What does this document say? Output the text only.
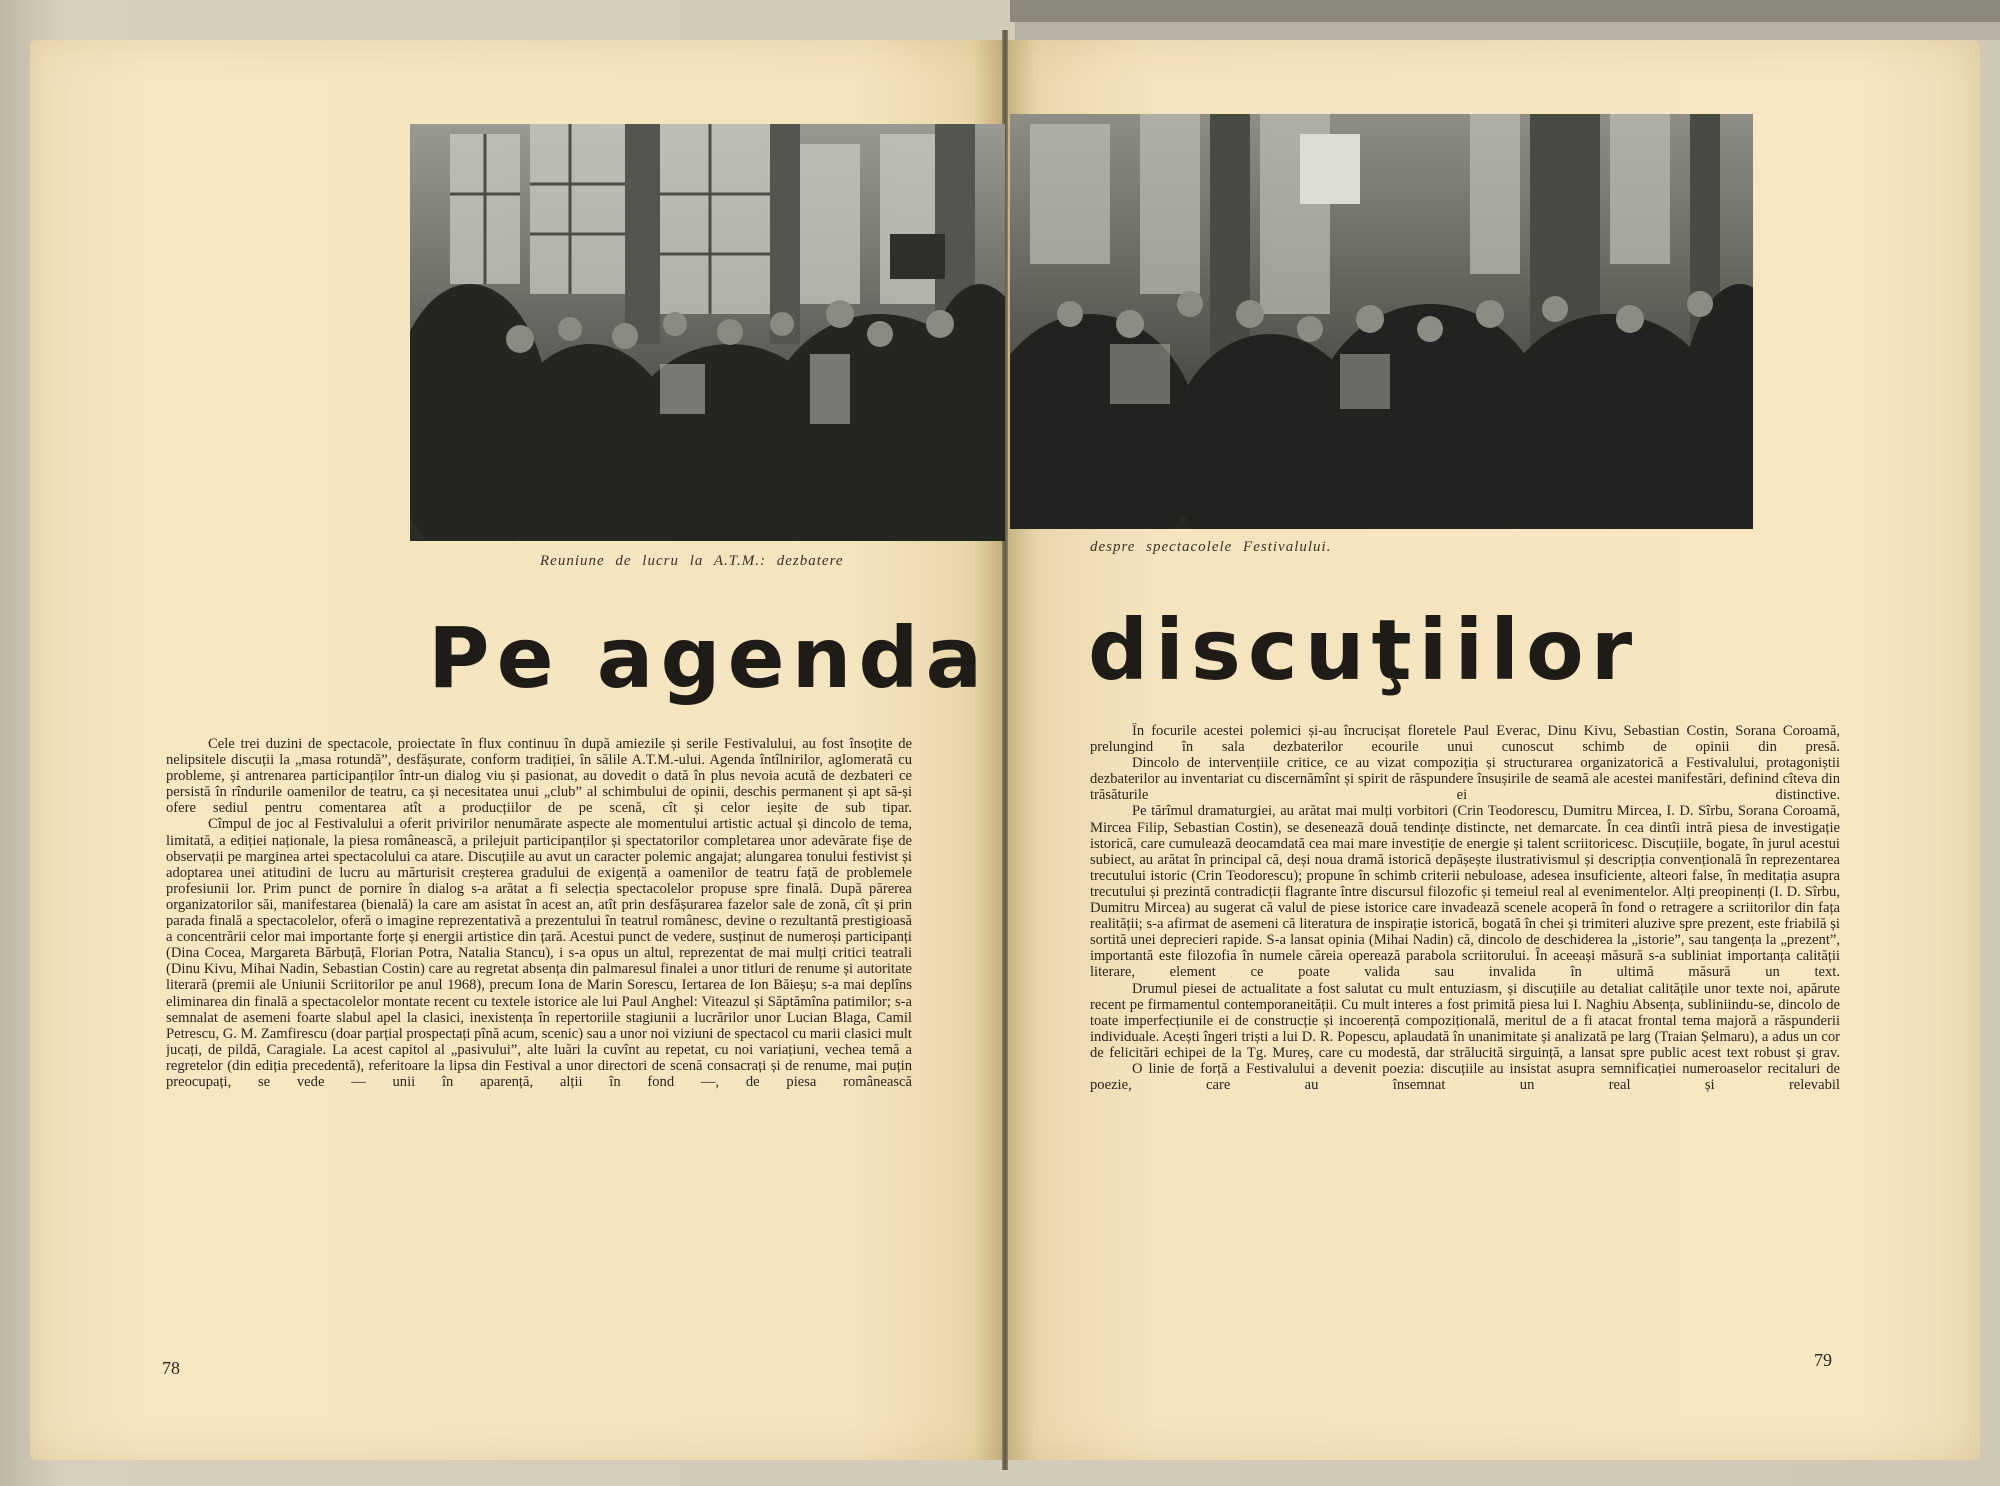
Reuniune de lucru la A.T.M.: dezbatere
despre spectacolele Festivalului.
Pe agenda discuţiilor

Cele trei duzini de spectacole, proiectate în flux continuu în după amiezile și serile Festivalului, au fost însoțite de nelipsitele discuții la „masa rotundă”, desfășurate, conform tradiției, în sălile A.T.M.-ului. Agenda întîlnirilor, aglomerată cu probleme, și antrenarea participanților într-un dialog viu și pasionat, au dovedit o dată în plus nevoia acută de dezbateri ce persistă în rîndurile oamenilor de teatru, ca și necesitatea unui „club” al schimbului de opinii, deschis permanent și apt să-și ofere sediul pentru comentarea atît a producțiilor de pe scenă, cît și celor ieșite de sub tipar.

Cîmpul de joc al Festivalului a oferit privirilor nenumărate aspecte ale momentului artistic actual și dincolo de tema, limitată, a ediției naționale, la piesa românească, a prilejuit participanților și spectatorilor completarea unor adevărate fișe de observații pe marginea artei spectacolului ca atare. Discuțiile au avut un caracter polemic angajat; alungarea tonului festivist și adoptarea unei atitudini de lucru au mărturisit creșterea gradului de exigență a oamenilor de teatru față de problemele profesiunii lor. Prim punct de pornire în dialog s-a arătat a fi selecția spectacolelor propuse spre finală. După părerea organizatorilor săi, manifestarea (bienală) la care am asistat în acest an, atît prin desfășurarea fazelor sale de zonă, cît și prin parada finală a spectacolelor, oferă o imagine reprezentativă a prezentului în teatrul românesc, devine o rezultantă prestigioasă a concentrării celor mai importante forțe și energii artistice din țară. Acestui punct de vedere, susținut de numeroși participanți (Dina Cocea, Margareta Bărbuță, Florian Potra, Natalia Stancu), i s-a opus un altul, reprezentat de mai mulți critici teatrali (Dinu Kivu, Mihai Nadin, Sebastian Costin) care au regretat absența din palmaresul finalei a unor titluri de renume și autoritate literară (premii ale Uniunii Scriitorilor pe anul 1968), precum Iona de Marin Sorescu, Iertarea de Ion Băieșu; s-a mai deplîns eliminarea din finală a spectacolelor montate recent cu textele istorice ale lui Paul Anghel: Viteazul și Săptămîna patimilor; s-a semnalat de asemeni foarte slabul apel la clasici, inexistența în repertoriile stagiunii a lucrărilor unor Lucian Blaga, Camil Petrescu, G. M. Zamfirescu (doar parțial prospectați pînă acum, scenic) sau a unor noi viziuni de spectacol cu marii clasici mult jucați, de pildă, Caragiale. La acest capitol al „pasivului”, alte luări la cuvînt au repetat, cu noi variațiuni, vechea temă a regretelor (din ediția precedentă), referitoare la lipsa din Festival a unor directori de scenă consacrați și de renume, mai puțin preocupați, se vede — unii în aparență, alții în fond —, de piesa românească

În focurile acestei polemici și-au încrucișat floretele Paul Everac, Dinu Kivu, Sebastian Costin, Sorana Coroamă, prelungind în sala dezbaterilor ecourile unui cunoscut schimb de opinii din presă.

Dincolo de intervențiile critice, ce au vizat compoziția și structurarea organizatorică a Festivalului, protagoniștii dezbaterilor au inventariat cu discernămînt și spirit de răspundere însușirile de seamă ale acestei manifestări, definind cîteva din trăsăturile ei distinctive.

Pe tărîmul dramaturgiei, au arătat mai mulți vorbitori (Crin Teodorescu, Dumitru Mircea, I. D. Sîrbu, Sorana Coroamă, Mircea Filip, Sebastian Costin), se desenează două tendințe distincte, net demarcate. În cea dintîi intră piesa de investigație istorică, care cumulează deocamdată cea mai mare investiție de energie și talent scriitoricesc. Discuțiile, bogate, în jurul acestui subiect, au arătat în principal că, deși noua dramă istorică depășește ilustrativismul și descripția convențională în reprezentarea trecutului istoric (Crin Teodorescu); propune în schimb criterii nebuloase, adesea insuficiente, alteori false, în meditația asupra trecutului și prezintă contradicții flagrante între discursul filozofic și temeiul real al evenimentelor. Alți preopinenți (I. D. Sîrbu, Dumitru Mircea) au sugerat că valul de piese istorice care invadează scenele acoperă în fond o retragere a scriitorilor din fața realității; s-a afirmat de asemeni că literatura de inspirație istorică, bogată în chei și trimiteri aluzive spre prezent, este friabilă și sortită unei deprecieri rapide. S-a lansat opinia (Mihai Nadin) că, dincolo de deschiderea la „istorie”, sau tangența la „prezent”, importantă este filozofia în numele căreia operează parabola scriitorului. În aceeași măsură s-a subliniat importanța calității literare, element ce poate valida sau invalida în ultimă măsură un text.

Drumul piesei de actualitate a fost salutat cu mult entuziasm, și discuțiile au detaliat calitățile unor texte noi, apărute recent pe firmamentul contemporaneității. Cu mult interes a fost primită piesa lui I. Naghiu Absența, subliniindu-se, dincolo de toate imperfecțiunile ei de construcție și incoerență compozițională, meritul de a fi atacat frontal tema majoră a răspunderii individuale. Acești îngeri triști a lui D. R. Popescu, aplaudată în unanimitate și analizată pe larg (Traian Șelmaru), a adus un cor de felicitări echipei de la Tg. Mureș, care cu modestă, dar strălucită sirguință, a lansat spre public acest text robust și grav.

O linie de forță a Festivalului a devenit poezia: discuțiile au insistat asupra semnificației numeroaselor recitaluri de poezie, care au însemnat un real și relevabil

78	79
